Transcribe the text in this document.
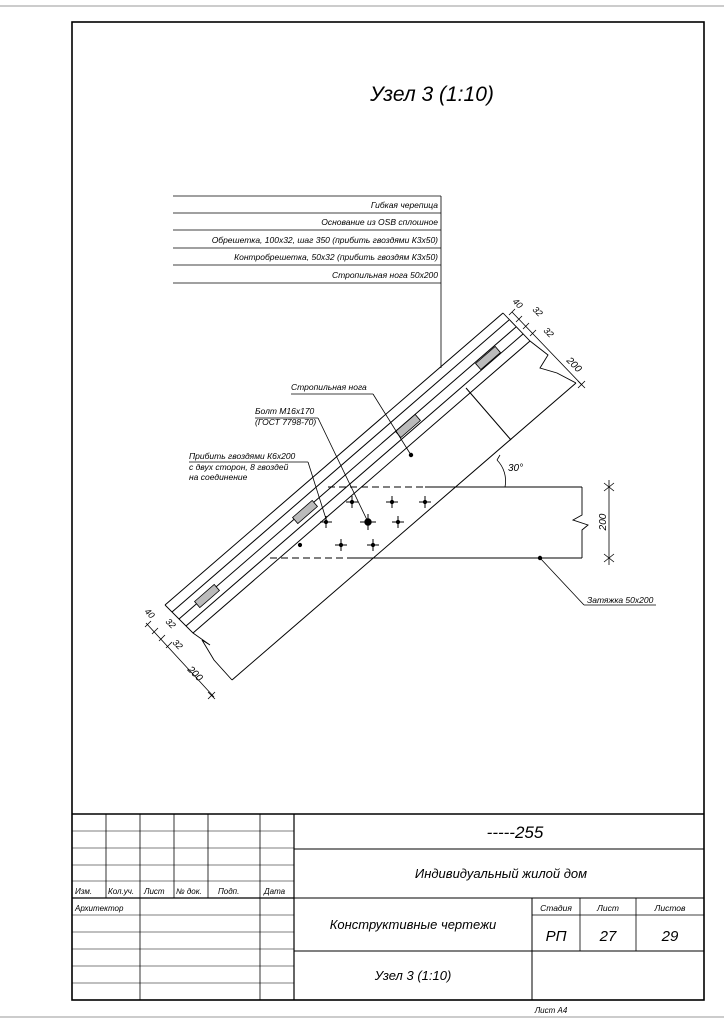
Узел 3 (1:10)
Гибкая черепица
Основание из OSB сплошное
Обрешетка, 100х32, шаг 350 (прибить гвоздями К3х50)
Контробрешетка, 50х32 (прибить гвоздям К3х50)
Стропильная нога 50х200
Стропильная нога
Болт М16х170
(ГОСТ 7798-70)
Прибить гвоздями К6х200
с двух сторон, 8 гвоздей
на соединение
Затяжка 50х200
30°
40
32
32
200
40
32
32
200
200
Изм. Кол.уч. Лист № док. Подп.	Дата
Архитектор
-----255
Индивидуальный жилой дом
Конструктивные чертежи
Узел 3 (1:10)
Стадия	Лист	Листов
РП 27	29
Лист А4
